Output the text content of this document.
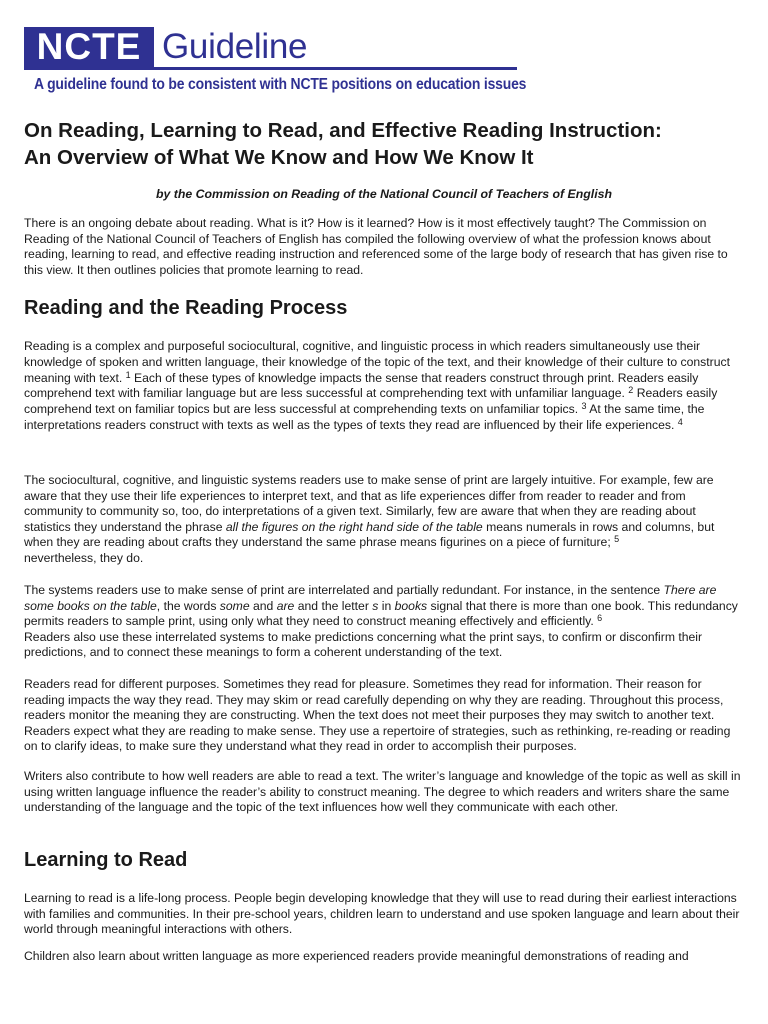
NCTE Guideline
A guideline found to be consistent with NCTE positions on education issues
On Reading, Learning to Read, and Effective Reading Instruction:
An Overview of What We Know and How We Know It
by the Commission on Reading of the National Council of Teachers of English

There is an ongoing debate about reading. What is it? How is it learned? How is it most effectively taught? The Commission on Reading of the National Council of Teachers of English has compiled the following overview of what the profession knows about reading, learning to read, and effective reading instruction and referenced some of the large body of research that has given rise to this view. It then outlines policies that promote learning to read.

Reading and the Reading Process

Reading is a complex and purposeful sociocultural, cognitive, and linguistic process in which readers simultaneously use their knowledge of spoken and written language, their knowledge of the topic of the text, and their knowledge of their culture to construct meaning with text. $^1$ Each of these types of knowledge impacts the sense that readers construct through print. Readers easily comprehend text with familiar language but are less successful at comprehending text with unfamiliar language. $^2$ Readers easily comprehend text on familiar topics but are less successful at comprehending texts on unfamiliar topics. $^3$ At the same time, the interpretations readers construct with texts as well as the types of texts they read are influenced by their life experiences. $^4$

The sociocultural, cognitive, and linguistic systems readers use to make sense of print are largely intuitive. For example, few are aware that they use their life experiences to interpret text, and that as life experiences differ from reader to reader and from community to community so, too, do interpretations of a given text. Similarly, few are aware that when they are reading about statistics they understand the phrase all the figures on the right hand side of the table means numerals in rows and columns, but when they are reading about crafts they understand the same phrase means figurines on a piece of furniture; $^5$
nevertheless, they do.

The systems readers use to make sense of print are interrelated and partially redundant. For instance, in the sentence There are some books on the table, the words some and are and the letter s in books signal that there is more than one book. This redundancy permits readers to sample print, using only what they need to construct meaning effectively and efficiently. $^6$
Readers also use these interrelated systems to make predictions concerning what the print says, to confirm or disconfirm their predictions, and to connect these meanings to form a coherent understanding of the text.

Readers read for different purposes. Sometimes they read for pleasure. Sometimes they read for information. Their reason for reading impacts the way they read. They may skim or read carefully depending on why they are reading. Throughout this process, readers monitor the meaning they are constructing. When the text does not meet their purposes they may switch to another text. Readers expect what they are reading to make sense. They use a repertoire of strategies, such as rethinking, re-reading or reading on to clarify ideas, to make sure they understand what they read in order to accomplish their purposes.

Writers also contribute to how well readers are able to read a text. The writer’s language and knowledge of the topic as well as skill in using written language influence the reader’s ability to construct meaning. The degree to which readers and writers share the same understanding of the language and the topic of the text influences how well they communicate with each other.

Learning to Read

Learning to read is a life-long process. People begin developing knowledge that they will use to read during their earliest interactions with families and communities. In their pre-school years, children learn to understand and use spoken language and learn about their world through meaningful interactions with others.

Children also learn about written language as more experienced readers provide meaningful demonstrations of reading and
